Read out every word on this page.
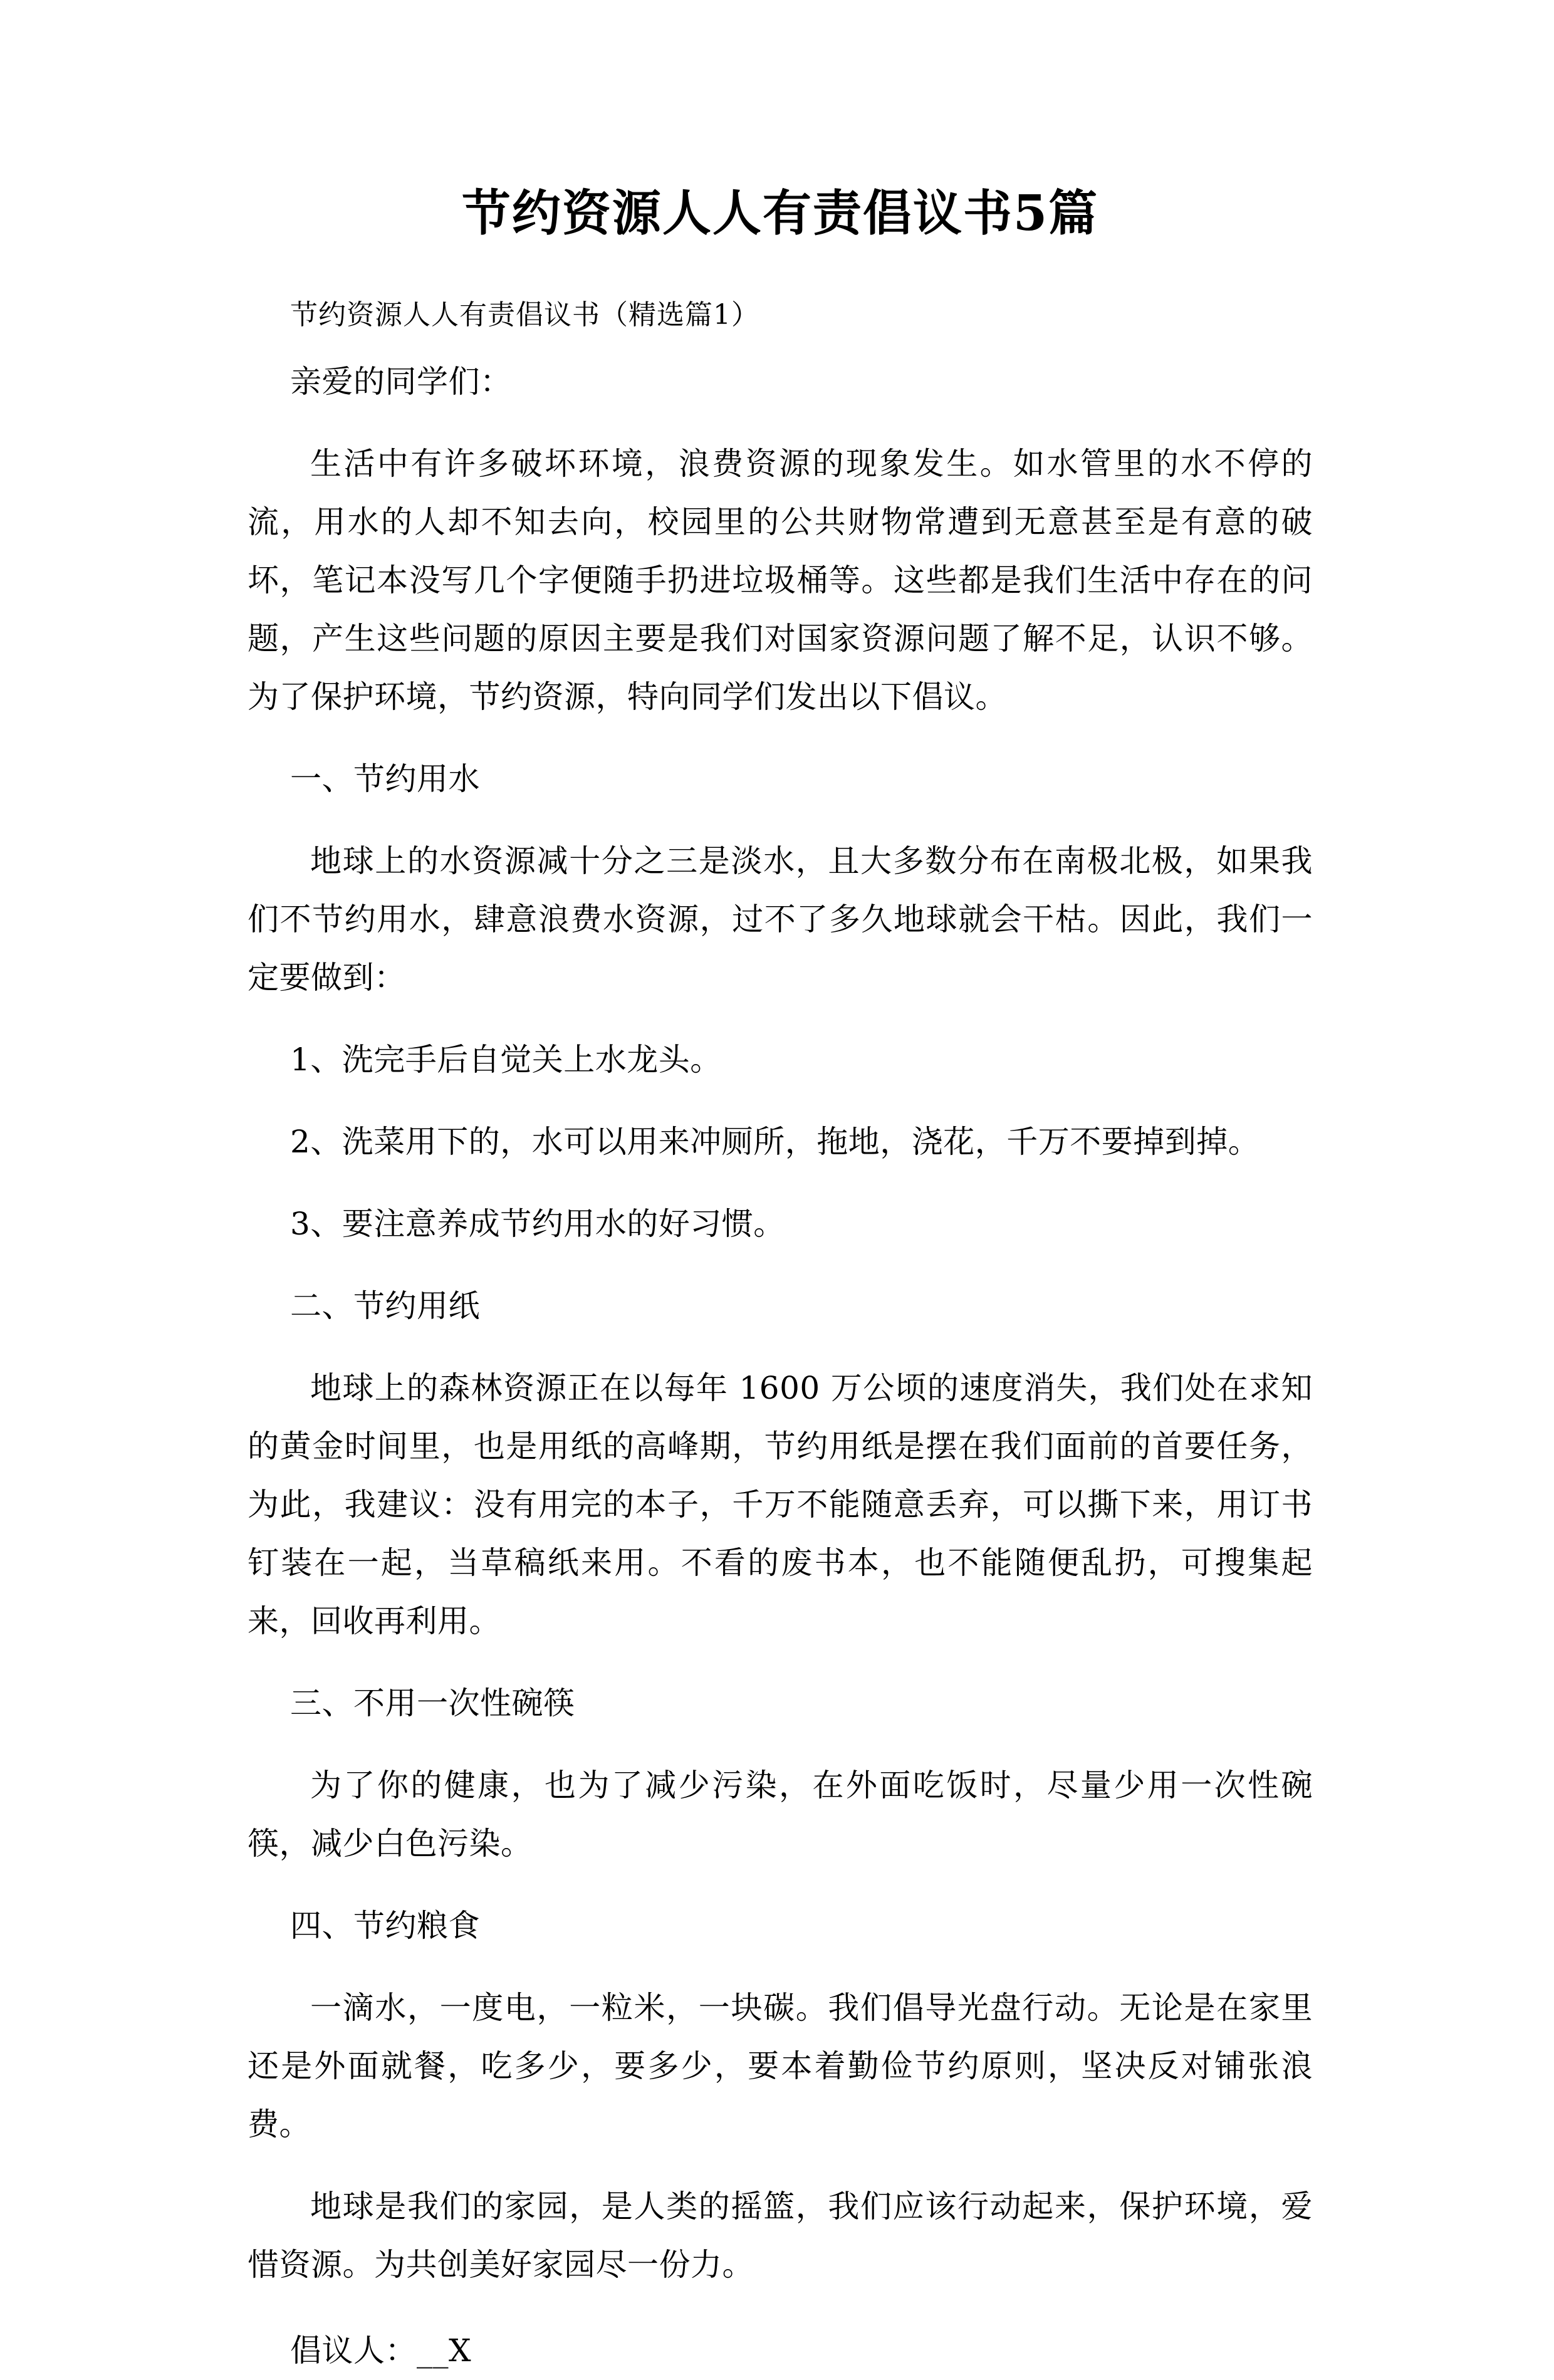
节约资源人人有责倡议书5篇

节约资源人人有责倡议书（精选篇1）

亲爱的同学们：

生活中有许多破坏环境，浪费资源的现象发生。如水管里的水不停的流，用水的人却不知去向，校园里的公共财物常遭到无意甚至是有意的破坏，笔记本没写几个字便随手扔进垃圾桶等。这些都是我们生活中存在的问题，产生这些问题的原因主要是我们对国家资源问题了解不足，认识不够。为了保护环境，节约资源，特向同学们发出以下倡议。

一、节约用水

地球上的水资源减十分之三是淡水，且大多数分布在南极北极，如果我们不节约用水，肆意浪费水资源，过不了多久地球就会干枯。因此，我们一定要做到：

1、洗完手后自觉关上水龙头。

2、洗菜用下的，水可以用来冲厕所，拖地，浇花，千万不要掉到掉。

3、要注意养成节约用水的好习惯。

二、节约用纸

地球上的森林资源正在以每年 1600 万公顷的速度消失，我们处在求知的黄金时间里，也是用纸的高峰期，节约用纸是摆在我们面前的首要任务，为此，我建议：没有用完的本子，千万不能随意丢弃，可以撕下来，用订书钉装在一起，当草稿纸来用。不看的废书本，也不能随便乱扔，可搜集起来，回收再利用。

三、不用一次性碗筷

为了你的健康，也为了减少污染，在外面吃饭时，尽量少用一次性碗筷，减少白色污染。

四、节约粮食

一滴水，一度电，一粒米，一块碳。我们倡导光盘行动。无论是在家里还是外面就餐，吃多少，要多少，要本着勤俭节约原则，坚决反对铺张浪费。

地球是我们的家园，是人类的摇篮，我们应该行动起来，保护环境，爱惜资源。为共创美好家园尽一份力。

倡议人：__X
